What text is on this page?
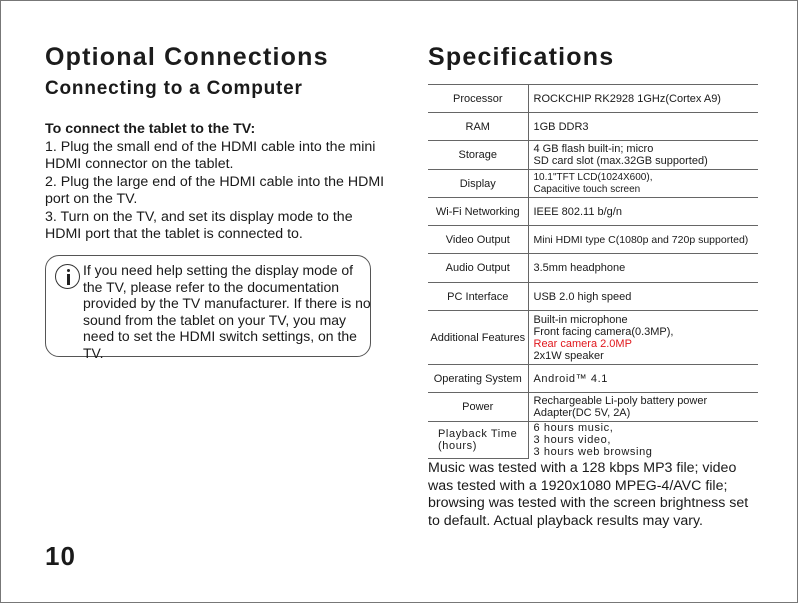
Optional Connections
Connecting to a Computer
To connect the tablet to the TV:
1. Plug the small end of the HDMI cable into the mini HDMI connector on the tablet.
2. Plug the large end of the HDMI cable into the HDMI port on the TV.
3. Turn on the TV, and set its display mode to the HDMI port that the tablet is connected to.
If you need help setting the display mode of the TV, please refer to the documentation provided by the TV manufacturer. If there is no sound from the tablet on your TV, you may need to set the HDMI switch settings, on the TV.
10
Specifications
Processor	ROCKCHIP RK2928 1GHz(Cortex A9)

RAM	1GB DDR3

Storage	4 GB flash built-in; micro
SD card slot (max.32GB supported)

Display	10.1"TFT LCD(1024X600),
Capacitive touch screen

Wi-Fi Networking	IEEE 802.11 b/g/n

Video Output	Mini HDMI type C(1080p and 720p supported)

Audio Output	3.5mm headphone

PC Interface	USB 2.0 high speed

Additional Features	Built-in microphone
Front facing camera(0.3MP),
Rear camera 2.0MP
2x1W speaker

Operating System	Android™ 4.1

Power	Rechargeable Li-poly battery power
Adapter(DC 5V, 2A)

Playback Time (hours)	6 hours music,
3 hours video,
3 hours web browsing
Music was tested with a 128 kbps MP3 file; video was tested with a 1920x1080 MPEG-4/AVC file; browsing was tested with the screen brightness set to default. Actual playback results may vary.
